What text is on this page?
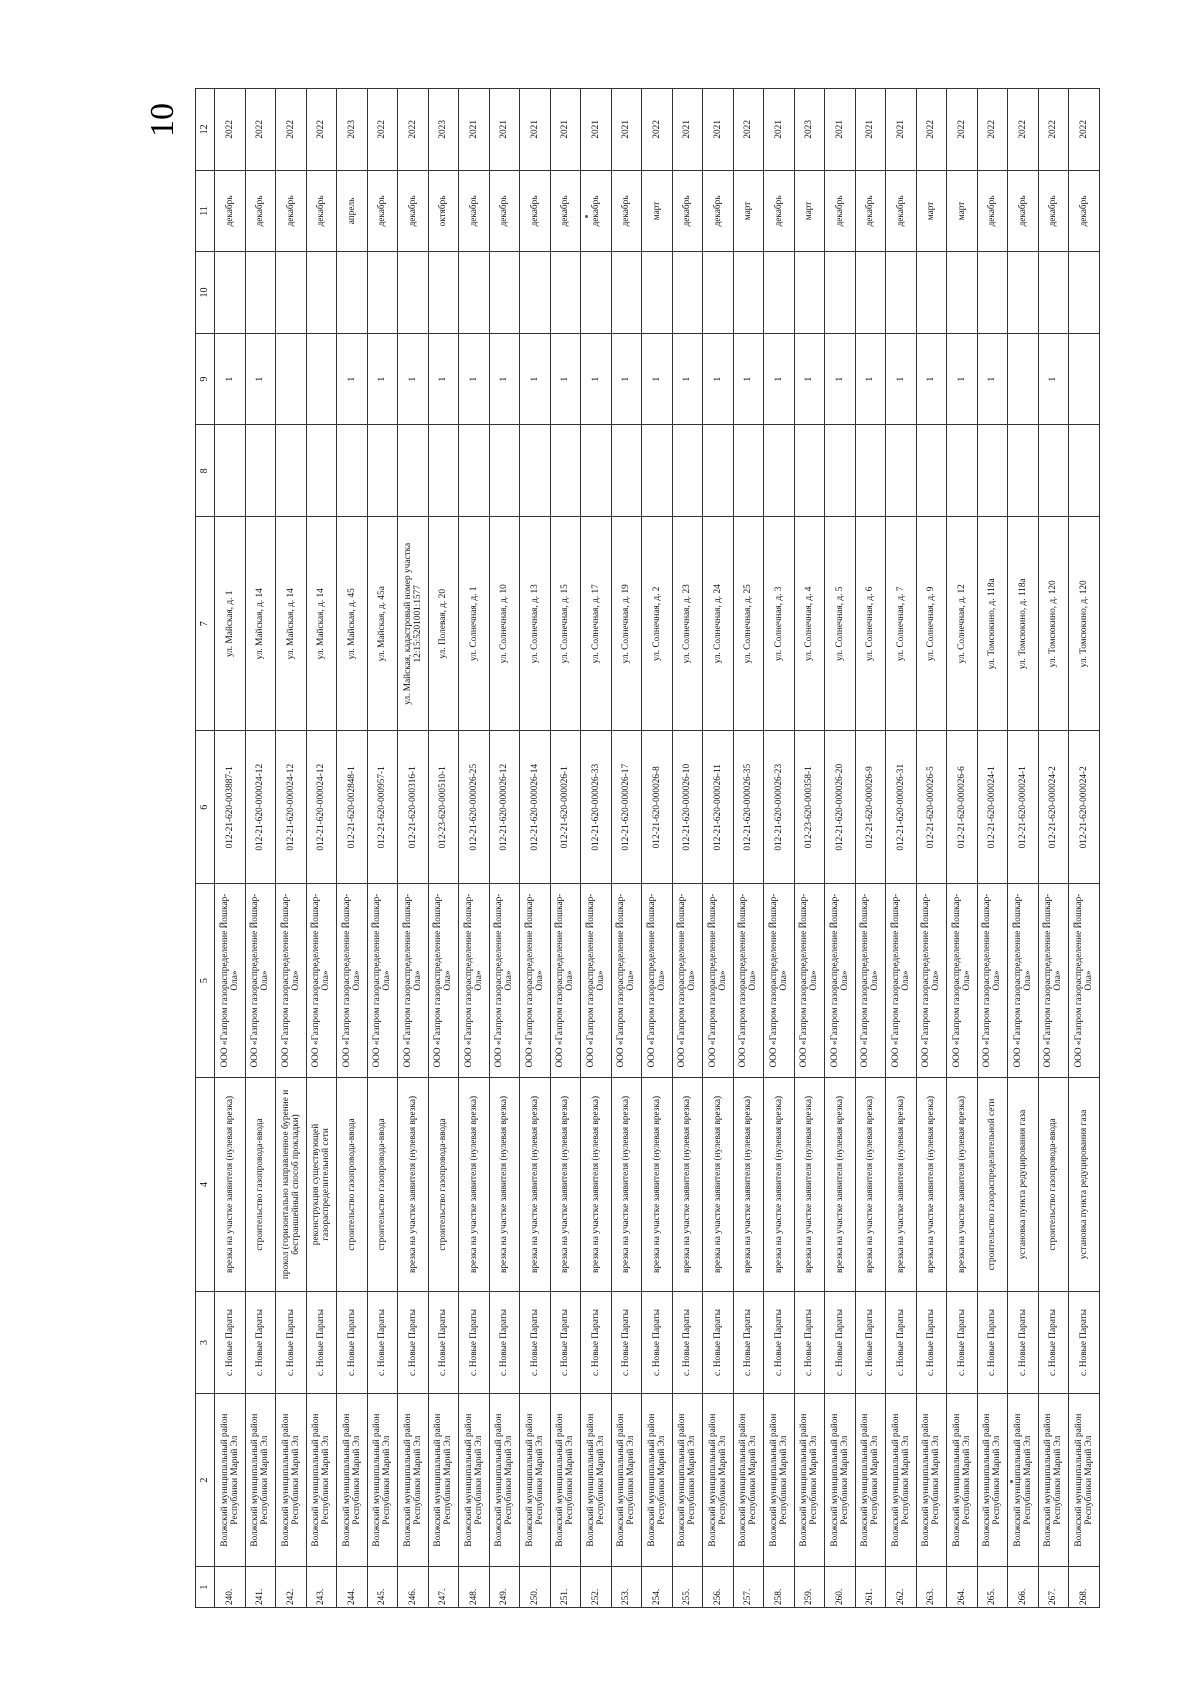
10
1	2	3	4	5	6	7	8	9	10	11	12
240.	Волжский муниципальный район Республики Марий Эл	с. Новые Параты	врезка на участке заявителя (нулевая врезка)	ООО «Газпром газораспределение Йошкар-Ола»	012-21-620-003887-1	ул. Майская, д. 1		1		декабрь	2022
241.	Волжский муниципальный район Республики Марий Эл	с. Новые Параты	строительство газопровода-ввода	ООО «Газпром газораспределение Йошкар-Ола»	012-21-620-000024-12	ул. Майская, д. 14		1		декабрь	2022
242.	Волжский муниципальный район Республики Марий Эл	с. Новые Параты	прокол (горизонтально направленное бурение и бестраншейный способ прокладки)	ООО «Газпром газораспределение Йошкар-Ола»	012-21-620-000024-12	ул. Майская, д. 14				декабрь	2022
243.	Волжский муниципальный район Республики Марий Эл	с. Новые Параты	реконструкция существующей газораспределительной сети	ООО «Газпром газораспределение Йошкар-Ола»	012-21-620-000024-12	ул. Майская, д. 14				декабрь	2022
244.	Волжский муниципальный район Республики Марий Эл	с. Новые Параты	строительство газопровода-ввода	ООО «Газпром газораспределение Йошкар-Ола»	012-21-620-002848-1	ул. Майская, д. 45		1		апрель	2023
245.	Волжский муниципальный район Республики Марий Эл	с. Новые Параты	строительство газопровода-ввода	ООО «Газпром газораспределение Йошкар-Ола»	012-21-620-000957-1	ул. Майская, д. 45а		1		декабрь	2022
246.	Волжский муниципальный район Республики Марий Эл	с. Новые Параты	врезка на участке заявителя (нулевая врезка)	ООО «Газпром газораспределение Йошкар-Ола»	012-21-620-000316-1	ул. Майская, кадастровый номер участка 12:15:5201001:1577		1		декабрь	2022
247.	Волжский муниципальный район Республики Марий Эл	с. Новые Параты	строительство газопровода-ввода	ООО «Газпром газораспределение Йошкар-Ола»	012-23-620-000510-1	ул. Полевая, д. 20		1		октябрь	2023
248.	Волжский муниципальный район Республики Марий Эл	с. Новые Параты	врезка на участке заявителя (нулевая врезка)	ООО «Газпром газораспределение Йошкар-Ола»	012-21-620-000026-25	ул. Солнечная, д. 1		1		декабрь	2021
249.	Волжский муниципальный район Республики Марий Эл	с. Новые Параты	врезка на участке заявителя (нулевая врезка)	ООО «Газпром газораспределение Йошкар-Ола»	012-21-620-000026-12	ул. Солнечная, д. 10		1		декабрь	2021
250.	Волжский муниципальный район Республики Марий Эл	с. Новые Параты	врезка на участке заявителя (нулевая врезка)	ООО «Газпром газораспределение Йошкар-Ола»	012-21-620-000026-14	ул. Солнечная, д. 13		1		декабрь	2021
251.	Волжский муниципальный район Республики Марий Эл	с. Новые Параты	врезка на участке заявителя (нулевая врезка)	ООО «Газпром газораспределение Йошкар-Ола»	012-21-620-000026-1	ул. Солнечная, д. 15		1		декабрь	2021
252.	Волжский муниципальный район Республики Марий Эл	с. Новые Параты	врезка на участке заявителя (нулевая врезка)	ООО «Газпром газораспределение Йошкар-Ола»	012-21-620-000026-33	ул. Солнечная, д. 17		1		декабрь	2021
253.	Волжский муниципальный район Республики Марий Эл	с. Новые Параты	врезка на участке заявителя (нулевая врезка)	ООО «Газпром газораспределение Йошкар-Ола»	012-21-620-000026-17	ул. Солнечная, д. 19		1		декабрь	2021
254.	Волжский муниципальный район Республики Марий Эл	с. Новые Параты	врезка на участке заявителя (нулевая врезка)	ООО «Газпром газораспределение Йошкар-Ола»	012-21-620-000026-8	ул. Солнечная, д. 2		1		март	2022
255.	Волжский муниципальный район Республики Марий Эл	с. Новые Параты	врезка на участке заявителя (нулевая врезка)	ООО «Газпром газораспределение Йошкар-Ола»	012-21-620-000026-10	ул. Солнечная, д. 23		1		декабрь	2021
256.	Волжский муниципальный район Республики Марий Эл	с. Новые Параты	врезка на участке заявителя (нулевая врезка)	ООО «Газпром газораспределение Йошкар-Ола»	012-21-620-000026-11	ул. Солнечная, д. 24		1		декабрь	2021
257.	Волжский муниципальный район Республики Марий Эл	с. Новые Параты	врезка на участке заявителя (нулевая врезка)	ООО «Газпром газораспределение Йошкар-Ола»	012-21-620-000026-35	ул. Солнечная, д. 25		1		март	2022
258.	Волжский муниципальный район Республики Марий Эл	с. Новые Параты	врезка на участке заявителя (нулевая врезка)	ООО «Газпром газораспределение Йошкар-Ола»	012-21-620-000026-23	ул. Солнечная, д. 3		1		декабрь	2021
259.	Волжский муниципальный район Республики Марий Эл	с. Новые Параты	врезка на участке заявителя (нулевая врезка)	ООО «Газпром газораспределение Йошкар-Ола»	012-23-620-000358-1	ул. Солнечная, д. 4		1		март	2023
260.	Волжский муниципальный район Республики Марий Эл	с. Новые Параты	врезка на участке заявителя (нулевая врезка)	ООО «Газпром газораспределение Йошкар-Ола»	012-21-620-000026-20	ул. Солнечная, д. 5		1		декабрь	2021
261.	Волжский муниципальный район Республики Марий Эл	с. Новые Параты	врезка на участке заявителя (нулевая врезка)	ООО «Газпром газораспределение Йошкар-Ола»	012-21-620-000026-9	ул. Солнечная, д. 6		1		декабрь	2021
262.	Волжский муниципальный район Республики Марий Эл	с. Новые Параты	врезка на участке заявителя (нулевая врезка)	ООО «Газпром газораспределение Йошкар-Ола»	012-21-620-000026-31	ул. Солнечная, д. 7		1		декабрь	2021
263.	Волжский муниципальный район Республики Марий Эл	с. Новые Параты	врезка на участке заявителя (нулевая врезка)	ООО «Газпром газораспределение Йошкар-Ола»	012-21-620-000026-5	ул. Солнечная, д. 9		1		март	2022
264.	Волжский муниципальный район Республики Марий Эл	с. Новые Параты	врезка на участке заявителя (нулевая врезка)	ООО «Газпром газораспределение Йошкар-Ола»	012-21-620-000026-6	ул. Солнечная, д. 12		1		март	2022
265.	Волжский муниципальный район Республики Марий Эл	с. Новые Параты	строительство газораспределительной сети	ООО «Газпром газораспределение Йошкар-Ола»	012-21-620-000024-1	ул. Томсюкино, д. 118а		1		декабрь	2022
266.	Волжский муниципальный район Республики Марий Эл	с. Новые Параты	установка пункта редуцирования газа	ООО «Газпром газораспределение Йошкар-Ола»	012-21-620-000024-1	ул. Томсюкино, д. 118а				декабрь	2022
267.	Волжский муниципальный район Республики Марий Эл	с. Новые Параты	строительство газопровода-ввода	ООО «Газпром газораспределение Йошкар-Ола»	012-21-620-000024-2	ул. Томсюкино, д. 120		1		декабрь	2022
268.	Волжский муниципальный район Республики Марий Эл	с. Новые Параты	установка пункта редуцирования газа	ООО «Газпром газораспределение Йошкар-Ола»	012-21-620-000024-2	ул. Томсюкино, д. 120				декабрь	2022
